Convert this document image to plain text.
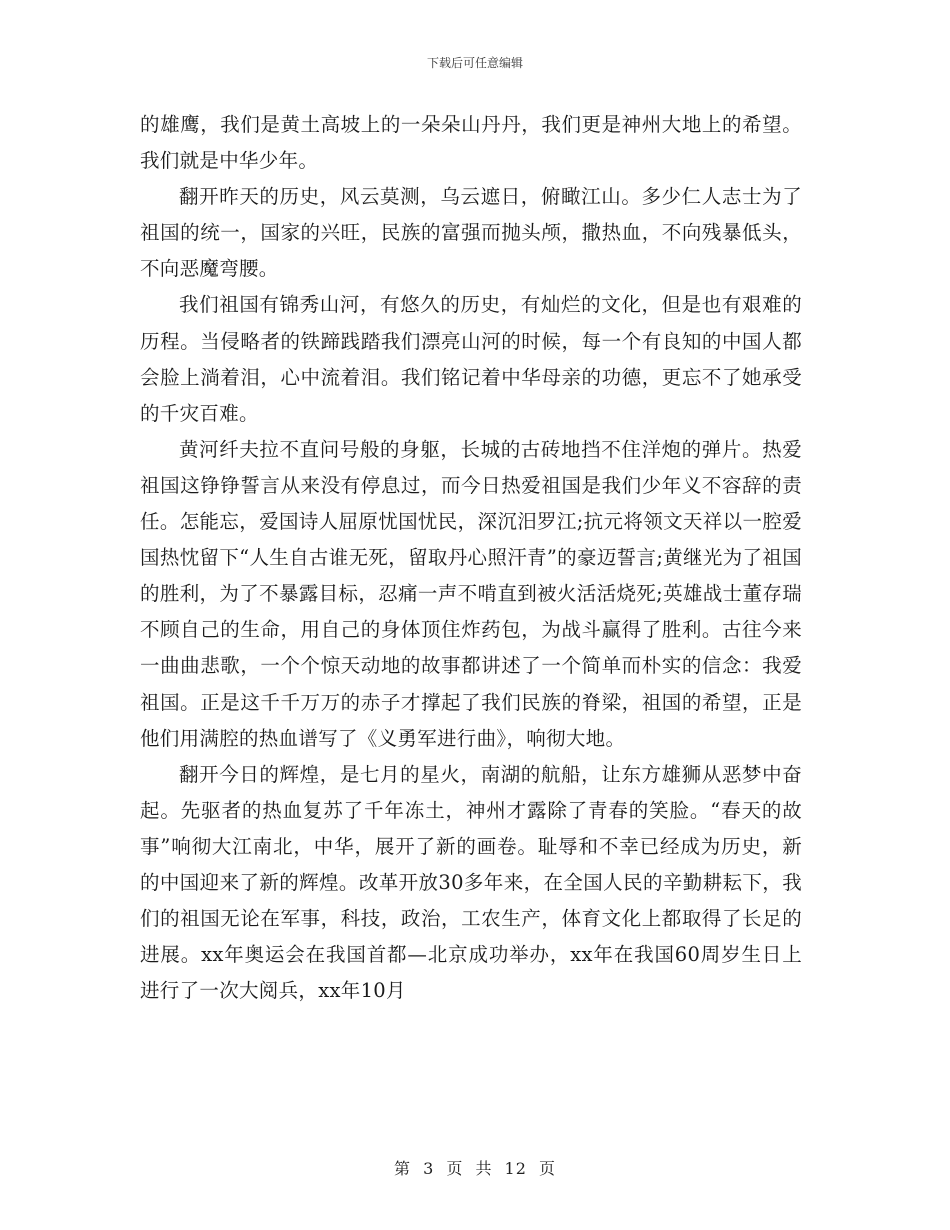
下载后可任意编辑

的雄鹰，我们是黄土高坡上的一朵朵山丹丹，我们更是神州大地上的希望。我们就是中华少年。

翻开昨天的历史，风云莫测，乌云遮日，俯瞰江山。多少仁人志士为了祖国的统一，国家的兴旺，民族的富强而抛头颅，撒热血，不向残暴低头，不向恶魔弯腰。

我们祖国有锦秀山河，有悠久的历史，有灿烂的文化，但是也有艰难的历程。当侵略者的铁蹄践踏我们漂亮山河的时候，每一个有良知的中国人都会脸上淌着泪，心中流着泪。我们铭记着中华母亲的功德，更忘不了她承受的千灾百难。

黄河纤夫拉不直问号般的身躯，长城的古砖地挡不住洋炮的弹片。热爱祖国这铮铮誓言从来没有停息过，而今日热爱祖国是我们少年义不容辞的责任。怎能忘，爱国诗人屈原忧国忧民，深沉汨罗江;抗元将领文天祥以一腔爱国热忱留下“人生自古谁无死，留取丹心照汗青”的豪迈誓言;黄继光为了祖国的胜利，为了不暴露目标，忍痛一声不啃直到被火活活烧死;英雄战士董存瑞不顾自己的生命，用自己的身体顶住炸药包，为战斗赢得了胜利。古往今来一曲曲悲歌，一个个惊天动地的故事都讲述了一个简单而朴实的信念：我爱祖国。正是这千千万万的赤子才撑起了我们民族的脊梁，祖国的希望，正是他们用满腔的热血谱写了《义勇军进行曲》，响彻大地。

翻开今日的辉煌，是七月的星火，南湖的航船，让东方雄狮从恶梦中奋起。先驱者的热血复苏了千年冻土，神州才露除了青春的笑脸。“春天的故事”响彻大江南北，中华，展开了新的画卷。耻辱和不幸已经成为历史，新的中国迎来了新的辉煌。改革开放30多年来，在全国人民的辛勤耕耘下，我们的祖国无论在军事，科技，政治，工农生产，体育文化上都取得了长足的进展。xx年奥运会在我国首都—北京成功举办，xx年在我国60周岁生日上进行了一次大阅兵，xx年10月

第 3 页 共 12 页
